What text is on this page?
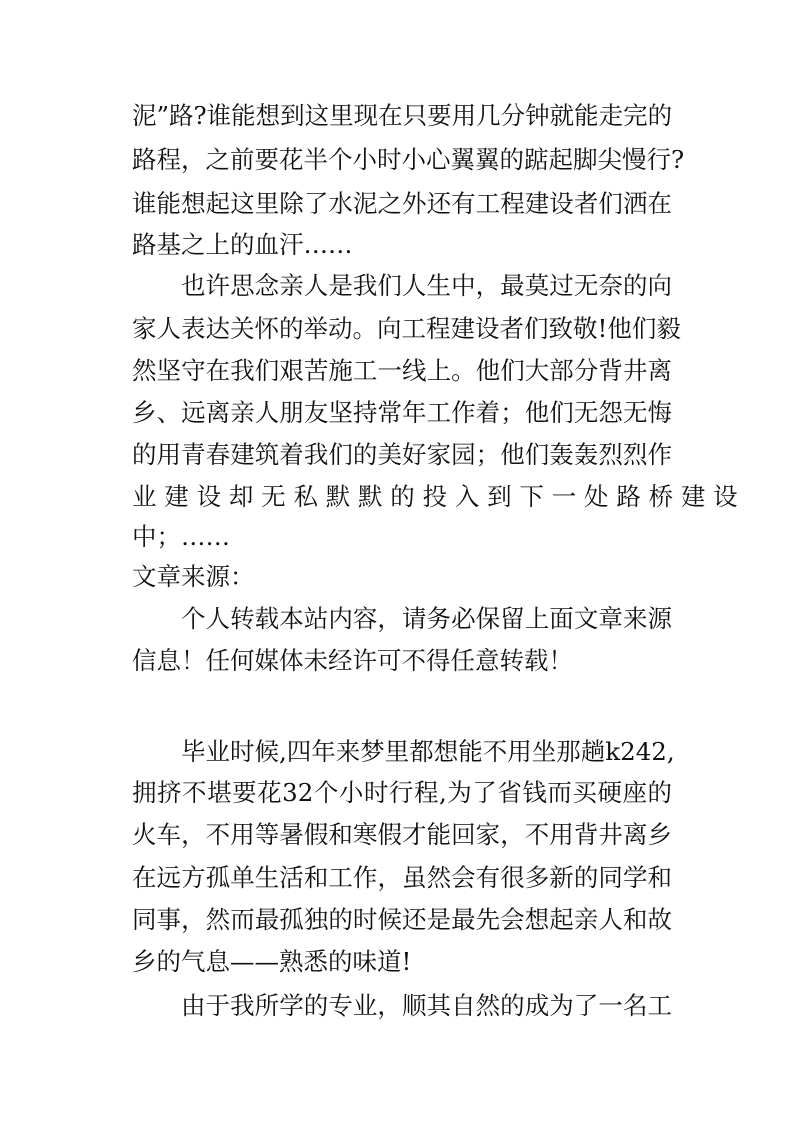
泥”路?谁能想到这里现在只要用几分钟就能走完的
路程，之前要花半个小时小心翼翼的踮起脚尖慢行?
谁能想起这里除了水泥之外还有工程建设者们洒在
路基之上的血汗……
也许思念亲人是我们人生中，最莫过无奈的向
家人表达关怀的举动。向工程建设者们致敬!他们毅
然坚守在我们艰苦施工一线上。他们大部分背井离
乡、远离亲人朋友坚持常年工作着；他们无怨无悔
的用青春建筑着我们的美好家园；他们轰轰烈烈作
业 建 设 却 无 私 默 默 的 投 入 到 下 一 处 路 桥 建 设
中；……
文章来源：
个人转载本站内容，请务必保留上面文章来源
信息！任何媒体未经许可不得任意转载！
毕业时候,四年来梦里都想能不用坐那趟k242,
拥挤不堪要花32个小时行程,为了省钱而买硬座的
火车，不用等暑假和寒假才能回家，不用背井离乡
在远方孤单生活和工作，虽然会有很多新的同学和
同事，然而最孤独的时候还是最先会想起亲人和故
乡的气息——熟悉的味道!
由于我所学的专业，顺其自然的成为了一名工
